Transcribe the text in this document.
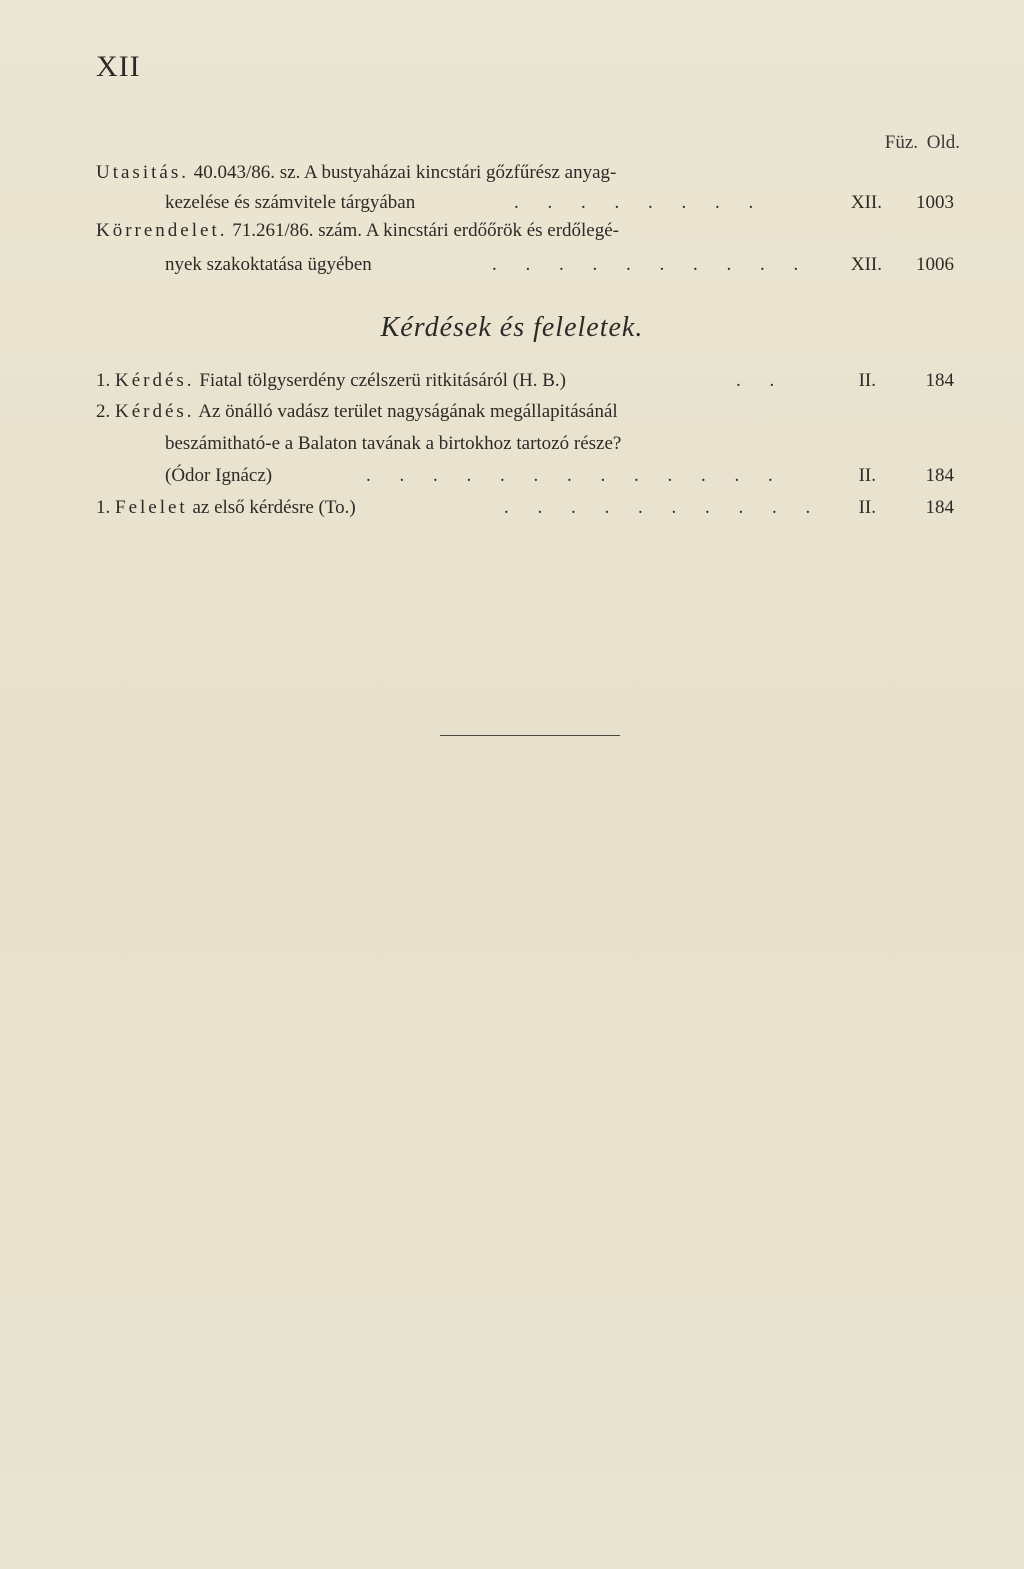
XII
Füz. Old.
Utasitás. 40.043/86. sz. A bustyaházai kincstári gőzfűrész anyag-
kezelése és számvitele tárgyában	. . . . . . . .	XII.	1003
Körrendelet. 71.261/86. szám. A kincstári erdőőrök és erdőlegé-
nyek szakoktatása ügyében	. . . . . . . . . .	XII.	1006
Kérdések és feleletek.
1. Kérdés. Fiatal tölgyserdény czélszerü ritkitásáról (H. B.)	. .	II.	184
2. Kérdés. Az önálló vadász terület nagyságának megállapitásánál
beszámitható-e a Balaton tavának a birtokhoz tartozó része?
(Ódor Ignácz)	. . . . . . . . . . . . .	II.	184
1. Felelet az első kérdésre (To.)	. . . . . . . . . .	II.	184
